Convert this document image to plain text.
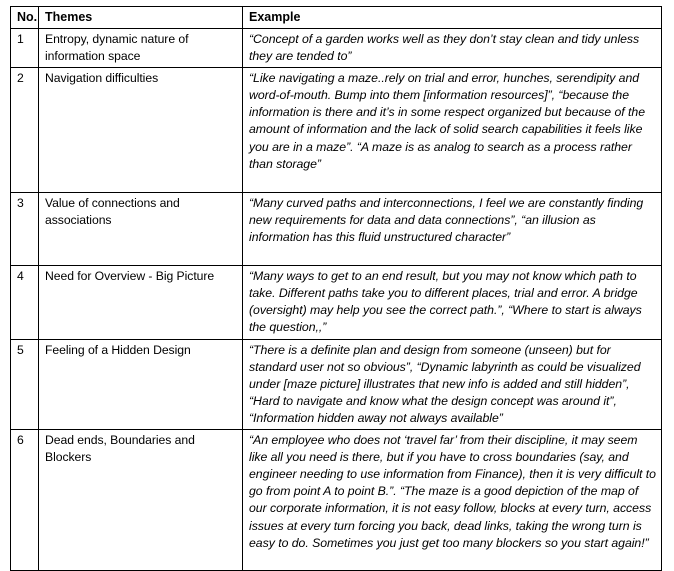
No.	Themes	Example
1	Entropy, dynamic nature of information space	“Concept of a garden works well as they don’t stay clean and tidy unless they are tended to”
2	Navigation difficulties	“Like navigating a maze..rely on trial and error, hunches, serendipity and word-of-mouth. Bump into them [information resources]”, “because the information is there and it’s in some respect organized but because of the amount of information and the lack of solid search capabilities it feels like you are in a maze”. “A maze is as analog to search as a process rather than storage”
3	Value of connections and associations	“Many curved paths and interconnections, I feel we are constantly finding new requirements for data and data connections”, “an illusion as information has this fluid unstructured character”
4	Need for Overview - Big Picture	“Many ways to get to an end result, but you may not know which path to take. Different paths take you to different places, trial and error. A bridge (oversight) may help you see the correct path.”, “Where to start is always the question,,”
5	Feeling of a Hidden Design	“There is a definite plan and design from someone (unseen) but for standard user not so obvious”, “Dynamic labyrinth as could be visualized under [maze picture] illustrates that new info is added and still hidden”, “Hard to navigate and know what the design concept was around it”, “Information hidden away not always available”
6	Dead ends, Boundaries and Blockers	“An employee who does not ‘travel far’ from their discipline, it may seem like all you need is there, but if you have to cross boundaries (say, and engineer needing to use information from Finance), then it is very difficult to go from point A to point B.”. “The maze is a good depiction of the map of our corporate information, it is not easy follow, blocks at every turn, access issues at every turn forcing you back, dead links, taking the wrong turn is easy to do. Sometimes you just get too many blockers so you start again!”
